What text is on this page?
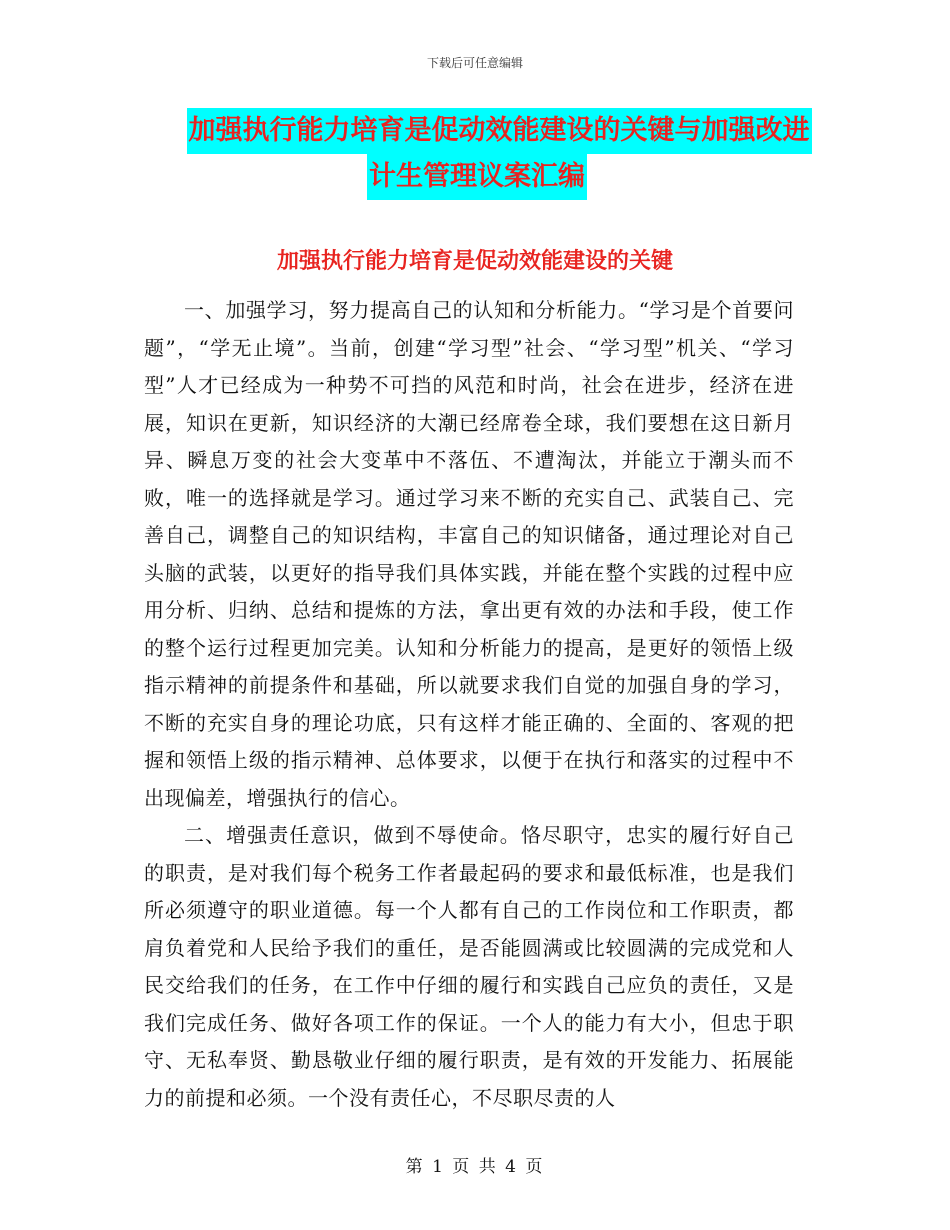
下载后可任意编辑
加强执行能力培育是促动效能建设的关键与加强改进
计生管理议案汇编
加强执行能力培育是促动效能建设的关键

一、加强学习，努力提高自己的认知和分析能力。“学习是个首要问题”，“学无止境”。当前，创建“学习型”社会、“学习型”机关、“学习型”人才已经成为一种势不可挡的风范和时尚，社会在进步，经济在进展，知识在更新，知识经济的大潮已经席卷全球，我们要想在这日新月异、瞬息万变的社会大变革中不落伍、不遭淘汰，并能立于潮头而不败，唯一的选择就是学习。通过学习来不断的充实自己、武装自己、完善自己，调整自己的知识结构，丰富自己的知识储备，通过理论对自己头脑的武装，以更好的指导我们具体实践，并能在整个实践的过程中应用分析、归纳、总结和提炼的方法，拿出更有效的办法和手段，使工作的整个运行过程更加完美。认知和分析能力的提高，是更好的领悟上级指示精神的前提条件和基础，所以就要求我们自觉的加强自身的学习，不断的充实自身的理论功底，只有这样才能正确的、全面的、客观的把握和领悟上级的指示精神、总体要求，以便于在执行和落实的过程中不出现偏差，增强执行的信心。

二、增强责任意识，做到不辱使命。恪尽职守，忠实的履行好自己的职责，是对我们每个税务工作者最起码的要求和最低标准，也是我们所必须遵守的职业道德。每一个人都有自己的工作岗位和工作职责，都肩负着党和人民给予我们的重任，是否能圆满或比较圆满的完成党和人民交给我们的任务，在工作中仔细的履行和实践自己应负的责任，又是我们完成任务、做好各项工作的保证。一个人的能力有大小，但忠于职守、无私奉贤、勤恳敬业仔细的履行职责，是有效的开发能力、拓展能力的前提和必须。一个没有责任心，不尽职尽责的人

第 1 页 共 4 页
